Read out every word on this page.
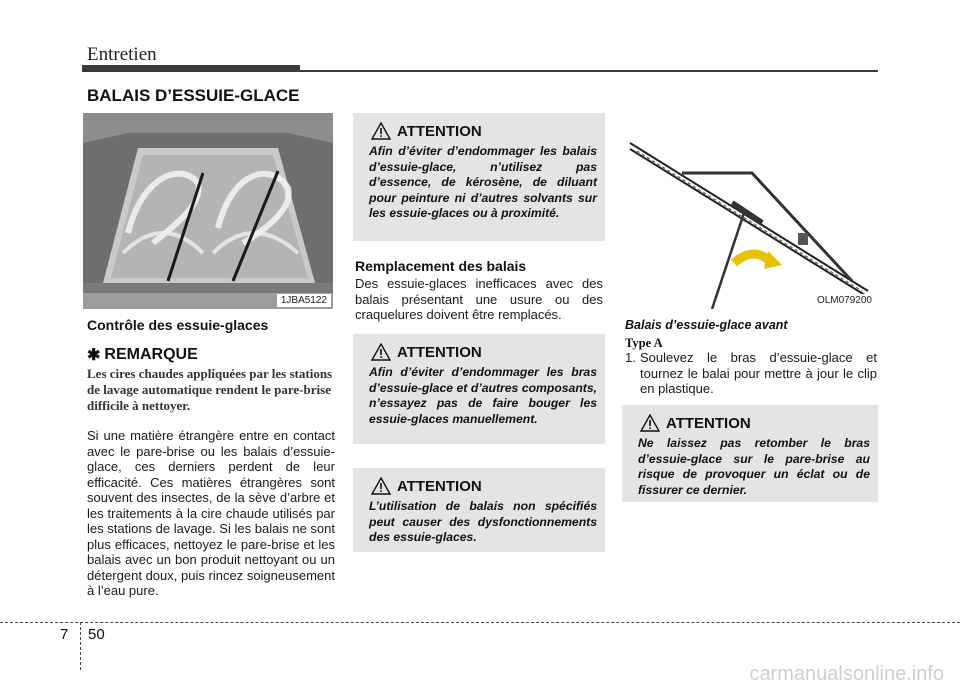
Entretien
BALAIS D’ESSUIE-GLACE
1JBA5122
Contrôle des essuie-glaces
✱ REMARQUE
Les cires chaudes appliquées par les stations de lavage automatique rendent le pare-brise difficile à nettoyer.
Si une matière étrangère entre en contact avec le pare-brise ou les balais d’essuie-glace, ces derniers perdent de leur efficacité. Ces matières étrangères sont souvent des insectes, de la sève d’arbre et les traitements à la cire chaude utilisés par les stations de lavage. Si les balais ne sont plus efficaces, nettoyez le pare-brise et les balais avec un bon produit nettoyant ou un détergent doux, puis rincez soigneusement à l’eau pure.
ATTENTION
Afin d’éviter d’endommager les balais d’essuie-glace, n’utilisez pas d’essence, de kérosène, de diluant pour peinture ni d’autres solvants sur les essuie-glaces ou à proximité.
Remplacement des balais
Des essuie-glaces inefficaces avec des balais présentant une usure ou des craquelures doivent être remplacés.
ATTENTION
Afin d’éviter d’endommager les bras d’essuie-glace et d’autres composants, n’essayez pas de faire bouger les essuie-glaces manuellement.
ATTENTION
L’utilisation de balais non spécifiés peut causer des dysfonctionnements des essuie-glaces.
OLM079200
Balais d’essuie-glace avant
Type A
1. Soulevez le bras d’essuie-glace et tournez le balai pour mettre à jour le clip en plastique.
ATTENTION
Ne laissez pas retomber le bras d’essuie-glace sur le pare-brise au risque de provoquer un éclat ou de fissurer ce dernier.
7 50
carmanualsonline.info
